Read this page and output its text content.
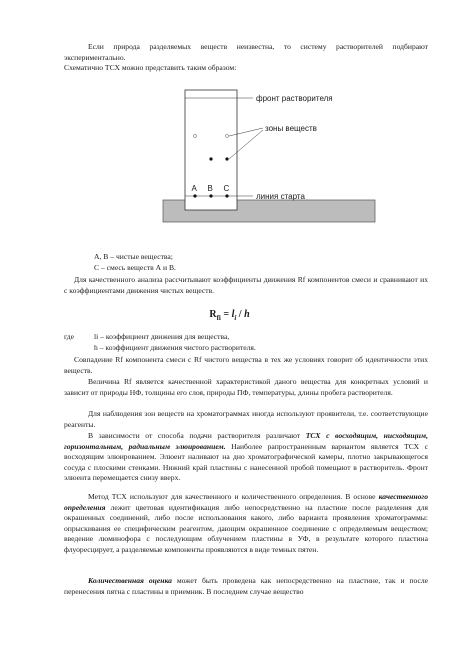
Если природа разделяемых веществ неизвестна, то систему растворителей подбирают экспериментально.

Схематично ТСХ можно представить таким образом:

фронт растворителя
зоны веществ
линия старта
A B C
А, В – чистые вещества;
С – смесь веществ А и В.

Для качественного анализа рассчитывают коэффициенты движения Rf компонентов смеси и сравнивают их с коэффициентами движения чистых веществ.

$R_{fi} = l_i / h$
где	li – коэффициент движения для вещества,
h – коэффициент движения чистого растворителя.

Совпадение Rf компонента смеси с Rf чистого вещества в тех же условиях говорит об идентичности этих веществ.

Величина Rf является качественной характеристикой даного вещества для конкретных условий и зависит от природы НФ, толщины его слоя, природы ПФ, температуры, длины пробега растворителя.

Для наблюдения зон веществ на хроматограммах иногда используют проявители, т.е. соответствующие реагенты.

В зависимости от способа подачи растворителя различают ТСХ с восходящим, нисходящим, горизонтальным, радиальным элюированием. Наиболее рапространенным вариантом является ТСХ с восходящим элюированием. Элюент наливают на дно хроматографической камеры, плотно закрывающегося сосуда с плоскими стенками. Нижний край пластины с нанесенной пробой помещают в растворитель. Фронт элюента перемещается снизу вверх.

Метод ТСХ используют для качественного и количественного определения. В основе качественного определения лежит цветовая идентификация либо непосредственно на пластине после разделения для окрашенных соединений, либо после использования какого, либо варианта проявления хроматограммы: опрыскивания ее специфическим реагентом, дающим окрашенное соединение с определяемым веществом; введение люминофора с последующим облучением пластины в УФ, в результате которого пластина флуоресцирует, а разделяемые компоненты проявляются в виде темных пятен.

Количественная оценка может быть проведена как непосредственно на пластине, так и после перенесения пятна с пластины в приемник. В последнем случае вещество
